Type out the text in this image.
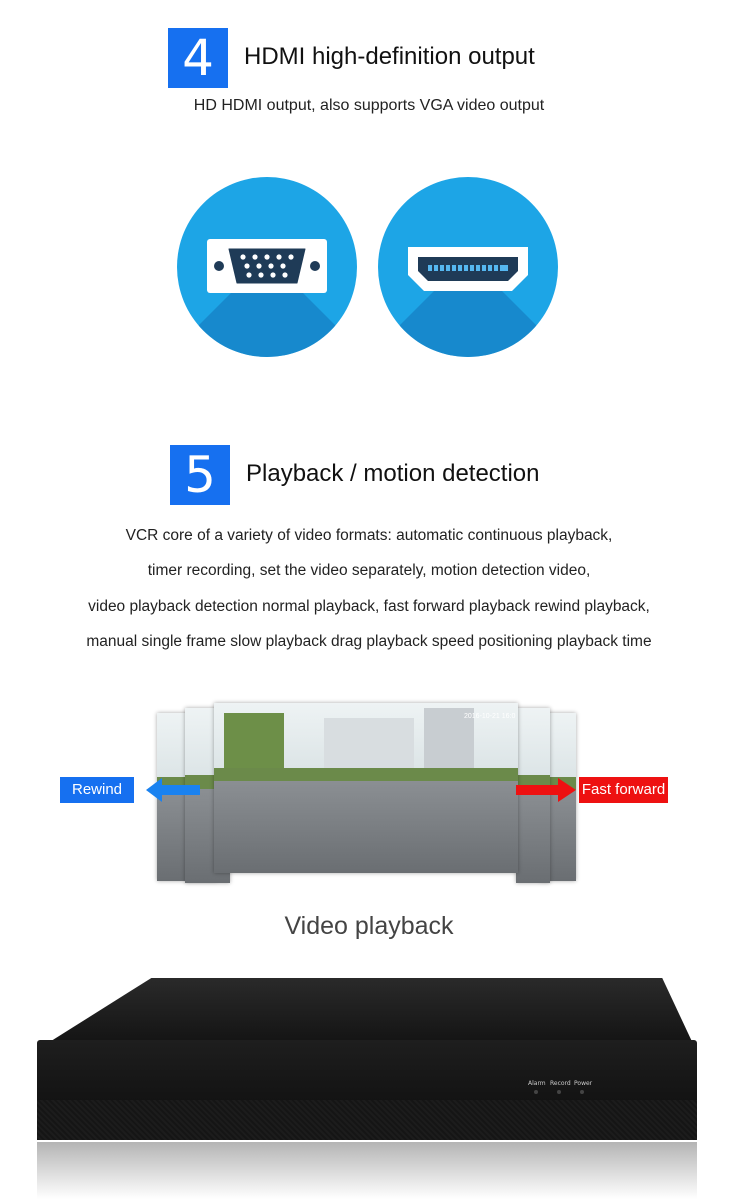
4	HDMI high-definition output
HD HDMI output, also supports VGA video output
5	Playback / motion detection
VCR core of a variety of video formats: automatic continuous playback,
timer recording, set the video separately, motion detection video,
video playback detection normal playback, fast forward playback rewind playback,
manual single frame slow playback drag playback speed positioning playback time
2016-10-21 16:0
Rewind	Fast forward
Video playback
Alarm Record Power
